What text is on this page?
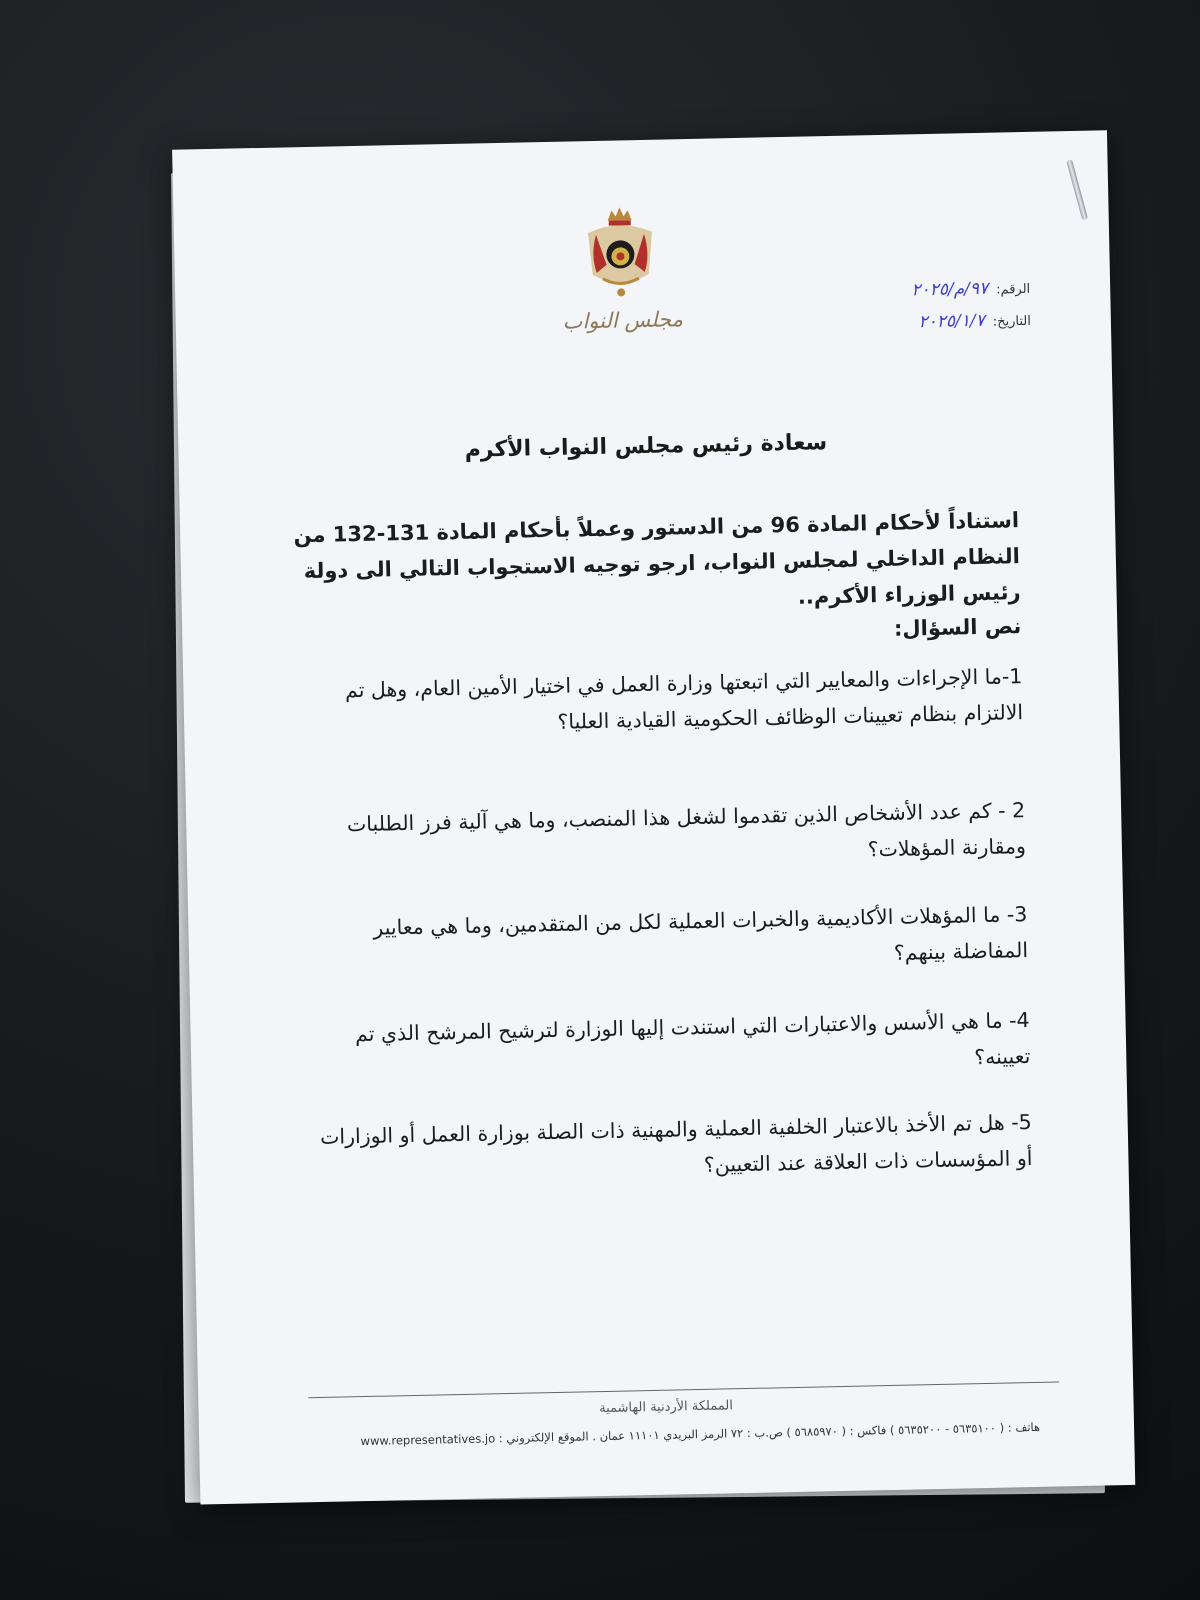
مجلس النواب
الرقم:
٩٧/م/٢٠٢٥
التاريخ:
٢٠٢٥/١/٧
سعادة رئيس مجلس النواب الأكرم

استناداً لأحكام المادة 96 من الدستور وعملاً بأحكام المادة 131-132 من النظام الداخلي لمجلس النواب، ارجو توجيه الاستجواب التالي الى دولة رئيس الوزراء الأكرم..

نص السؤال:

1-ما الإجراءات والمعايير التي اتبعتها وزارة العمل في اختيار الأمين العام، وهل تم الالتزام بنظام تعيينات الوظائف الحكومية القيادية العليا؟

2 - كم عدد الأشخاص الذين تقدموا لشغل هذا المنصب، وما هي آلية فرز الطلبات ومقارنة المؤهلات؟

3- ما المؤهلات الأكاديمية والخبرات العملية لكل من المتقدمين، وما هي معايير المفاضلة بينهم؟

4- ما هي الأسس والاعتبارات التي استندت إليها الوزارة لترشيح المرشح الذي تم تعيينه؟

5- هل تم الأخذ بالاعتبار الخلفية العملية والمهنية ذات الصلة بوزارة العمل أو الوزارات أو المؤسسات ذات العلاقة عند التعيين؟

المملكة الأردنية الهاشمية
هاتف : ( ٥٦٣٥١٠٠ - ٥٦٣٥٢٠٠ ) فاكس : ( ٥٦٨٥٩٧٠ ) ص.ب : ٧٢ الرمز البريدي ١١١٠١ عمان . الموقع الإلكتروني : www.representatives.jo
